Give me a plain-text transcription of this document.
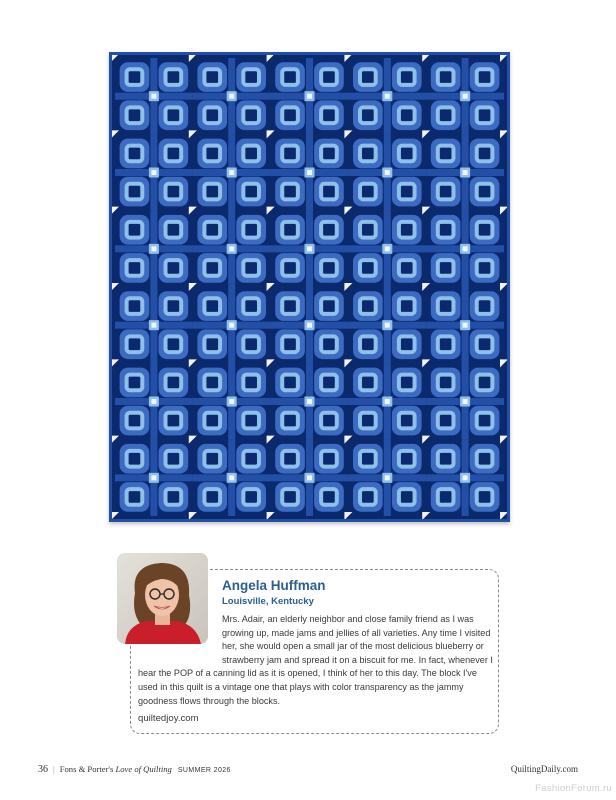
Angela Huffman
Louisville, Kentucky
Mrs. Adair, an elderly neighbor and close family friend as I was growing up, made jams and jellies of all varieties. Any time I visited her, she would open a small jar of the most delicious blueberry or strawberry jam and spread it on a biscuit for me. In fact, whenever I hear the POP of a canning lid as it is opened, I think of her to this day. The block I've used in this quilt is a vintage one that plays with color transparency as the jammy goodness flows through the blocks.
quiltedjoy.com
36 | Fons & Porter's Love of Quilting SUMMER 2026	QuiltingDaily.com
FashionForum.ru
